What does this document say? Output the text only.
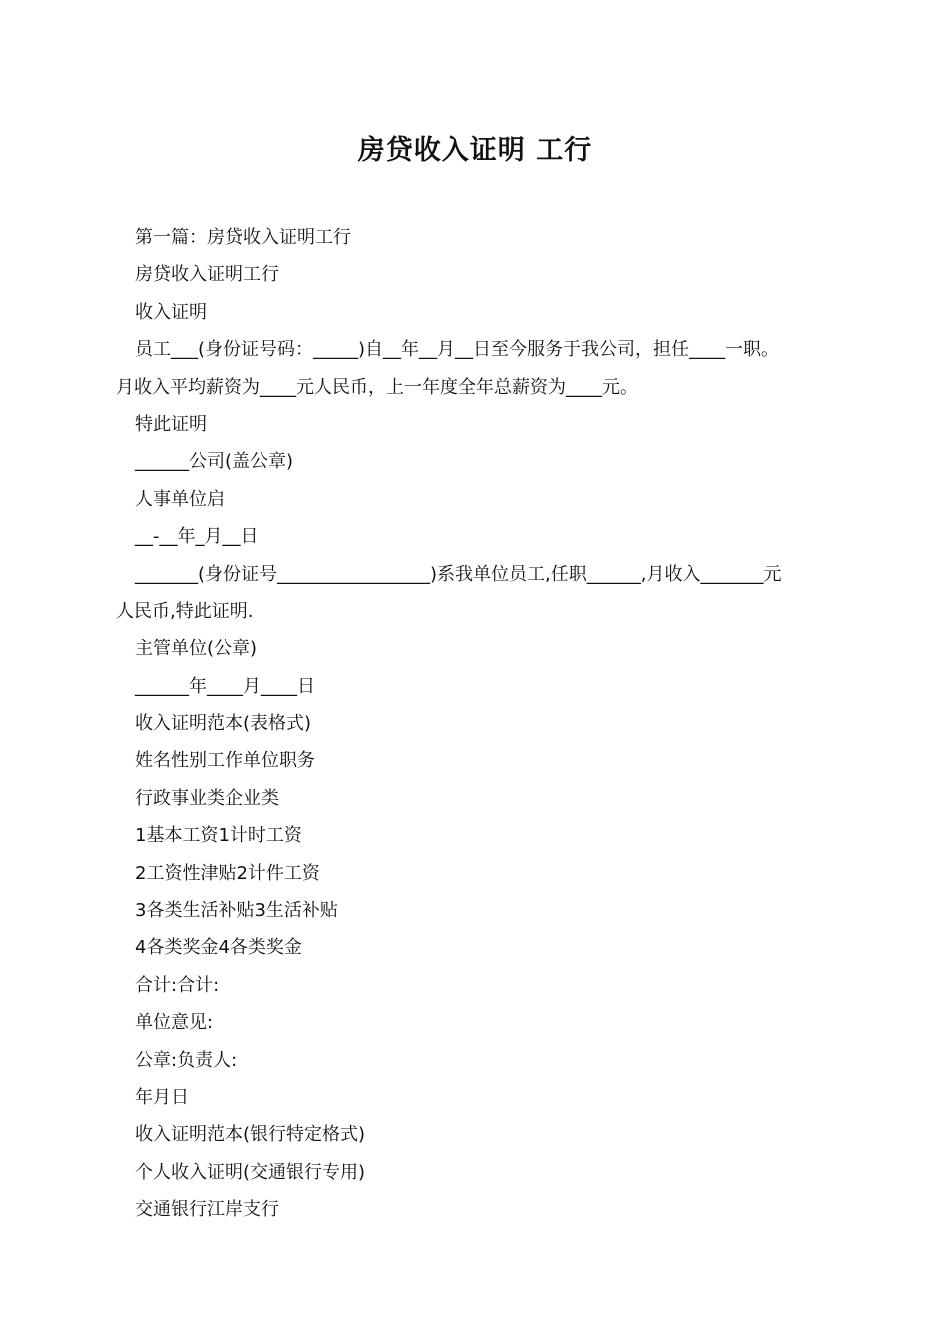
房贷收入证明 工行
第一篇：房贷收入证明工行
房贷收入证明工行
收入证明
员工___(身份证号码：_____)自__年__月__日至今服务于我公司，担任____一职。
月收入平均薪资为____元人民币，上一年度全年总薪资为____元。
特此证明
______公司(盖公章)
人事单位启
__-__年_月__日
_______(身份证号_________________)系我单位员工,任职______,月收入_______元
人民币,特此证明.
主管单位(公章)
______年____月____日
收入证明范本(表格式)
姓名性别工作单位职务
行政事业类企业类
1基本工资1计时工资
2工资性津贴2计件工资
3各类生活补贴3生活补贴
4各类奖金4各类奖金
合计:合计:
单位意见:
公章:负责人:
年月日
收入证明范本(银行特定格式)
个人收入证明(交通银行专用)
交通银行江岸支行
